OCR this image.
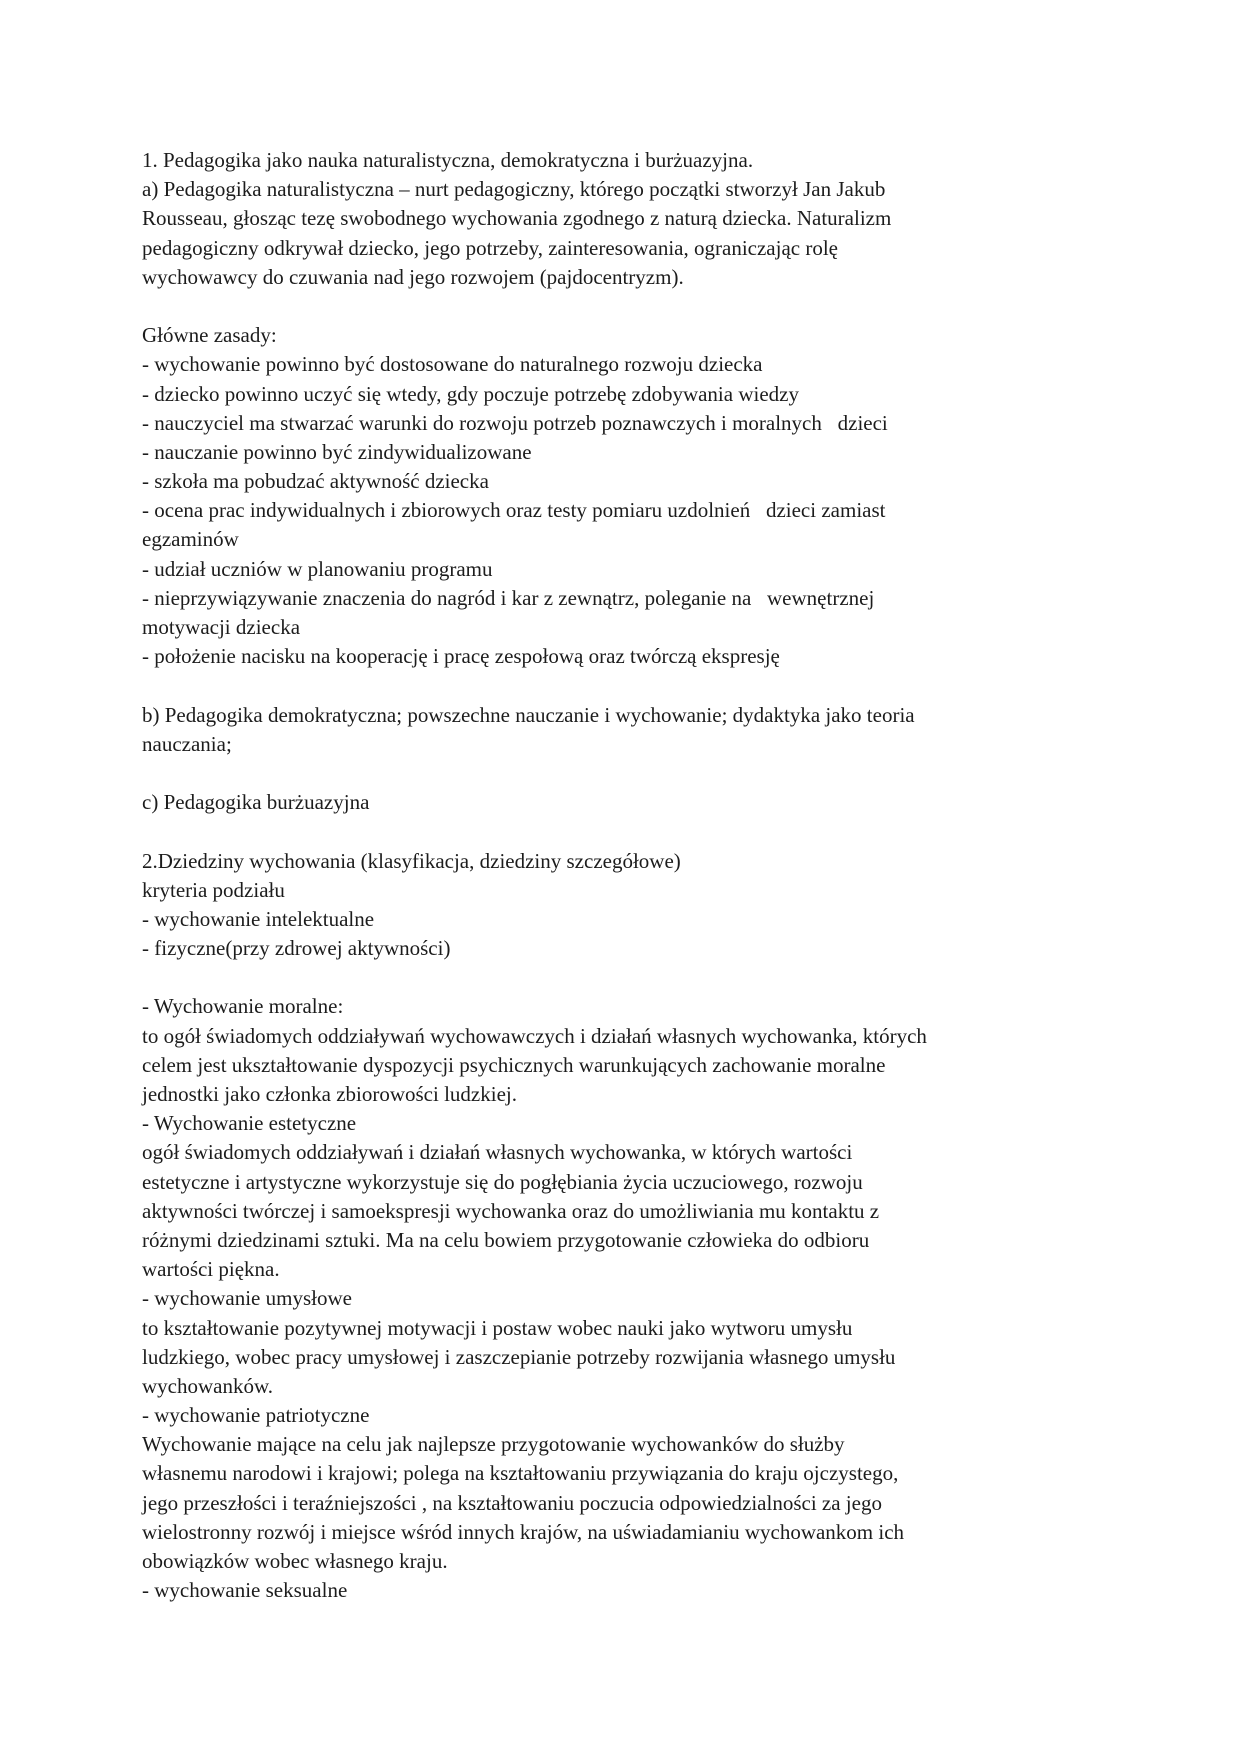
1. Pedagogika jako nauka naturalistyczna, demokratyczna i burżuazyjna.
a) Pedagogika naturalistyczna – nurt pedagogiczny, którego początki stworzył Jan Jakub
Rousseau, głosząc tezę swobodnego wychowania zgodnego z naturą dziecka. Naturalizm
pedagogiczny odkrywał dziecko, jego potrzeby, zainteresowania, ograniczając rolę
wychowawcy do czuwania nad jego rozwojem (pajdocentryzm).
Główne zasady:
- wychowanie powinno być dostosowane do naturalnego rozwoju dziecka
- dziecko powinno uczyć się wtedy, gdy poczuje potrzebę zdobywania wiedzy
- nauczyciel ma stwarzać warunki do rozwoju potrzeb poznawczych i moralnych   dzieci
- nauczanie powinno być zindywidualizowane
- szkoła ma pobudzać aktywność dziecka
- ocena prac indywidualnych i zbiorowych oraz testy pomiaru uzdolnień   dzieci zamiast
egzaminów
- udział uczniów w planowaniu programu
- nieprzywiązywanie znaczenia do nagród i kar z zewnątrz, poleganie na   wewnętrznej
motywacji dziecka
- położenie nacisku na kooperację i pracę zespołową oraz twórczą ekspresję
b) Pedagogika demokratyczna; powszechne nauczanie i wychowanie; dydaktyka jako teoria
nauczania;
c) Pedagogika burżuazyjna
2.Dziedziny wychowania (klasyfikacja, dziedziny szczegółowe)
kryteria podziału
- wychowanie intelektualne
- fizyczne(przy zdrowej aktywności)
- Wychowanie moralne:
to ogół świadomych oddziaływań wychowawczych i działań własnych wychowanka, których
celem jest ukształtowanie dyspozycji psychicznych warunkujących zachowanie moralne
jednostki jako członka zbiorowości ludzkiej.
- Wychowanie estetyczne
ogół świadomych oddziaływań i działań własnych wychowanka, w których wartości
estetyczne i artystyczne wykorzystuje się do pogłębiania życia uczuciowego, rozwoju
aktywności twórczej i samoekspresji wychowanka oraz do umożliwiania mu kontaktu z
różnymi dziedzinami sztuki. Ma na celu bowiem przygotowanie człowieka do odbioru
wartości piękna.
- wychowanie umysłowe
to kształtowanie pozytywnej motywacji i postaw wobec nauki jako wytworu umysłu
ludzkiego, wobec pracy umysłowej i zaszczepianie potrzeby rozwijania własnego umysłu
wychowanków.
- wychowanie patriotyczne
Wychowanie mające na celu jak najlepsze przygotowanie wychowanków do służby
własnemu narodowi i krajowi; polega na kształtowaniu przywiązania do kraju ojczystego,
jego przeszłości i teraźniejszości , na kształtowaniu poczucia odpowiedzialności za jego
wielostronny rozwój i miejsce wśród innych krajów, na uświadamianiu wychowankom ich
obowiązków wobec własnego kraju.
- wychowanie seksualne
